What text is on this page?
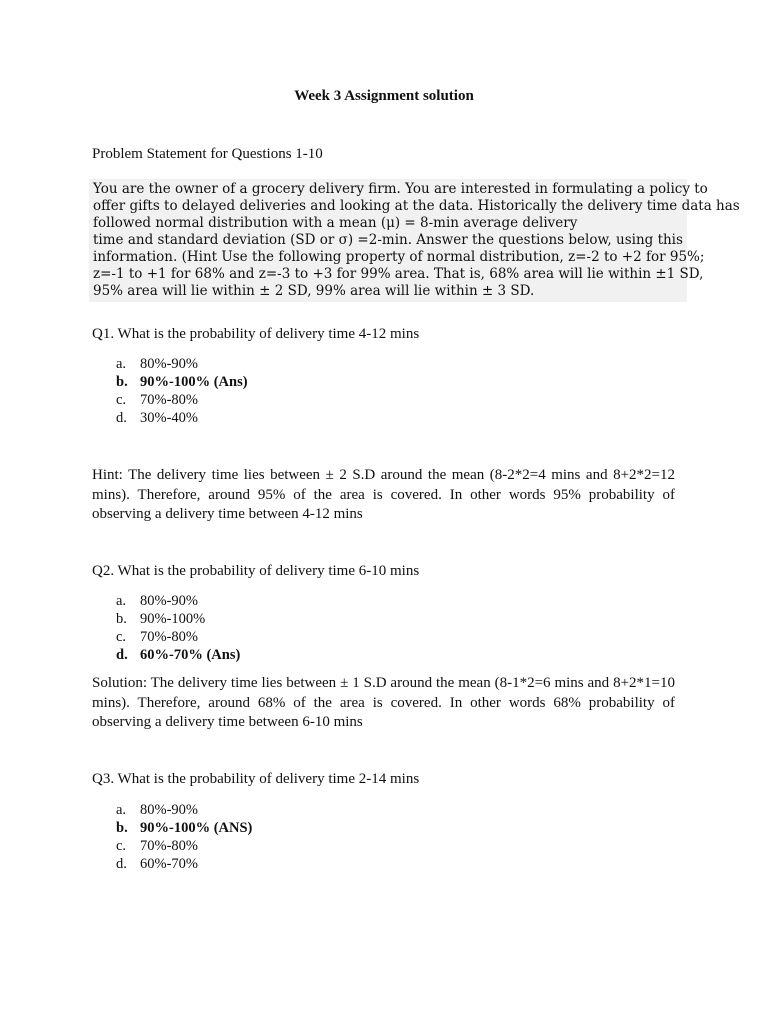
Week 3 Assignment solution
Problem Statement for Questions 1-10
You are the owner of a grocery delivery firm. You are interested in formulating a policy to
offer gifts to delayed deliveries and looking at the data. Historically the delivery time data has
followed normal distribution with a mean (μ) = 8-min average delivery
time and standard deviation (SD or σ) =2-min. Answer the questions below, using this
information. (Hint Use the following property of normal distribution, z=-2 to +2 for 95%;
z=-1 to +1 for 68% and z=-3 to +3 for 99% area. That is, 68% area will lie within ±1 SD,
95% area will lie within ± 2 SD, 99% area will lie within ± 3 SD.
Q1. What is the probability of delivery time 4-12 mins
a. 80%-90%
b. 90%-100% (Ans)
c. 70%-80%
d. 30%-40%
Hint: The delivery time lies between ± 2 S.D around the mean (8-2*2=4 mins and 8+2*2=12 mins). Therefore, around 95% of the area is covered. In other words 95% probability of observing a delivery time between 4-12 mins
Q2. What is the probability of delivery time 6-10 mins
a. 80%-90%
b. 90%-100%
c. 70%-80%
d. 60%-70% (Ans)
Solution: The delivery time lies between ± 1 S.D around the mean (8-1*2=6 mins and 8+2*1=10 mins). Therefore, around 68% of the area is covered. In other words 68% probability of observing a delivery time between 6-10 mins
Q3. What is the probability of delivery time 2-14 mins
a. 80%-90%
b. 90%-100% (ANS)
c. 70%-80%
d. 60%-70%
